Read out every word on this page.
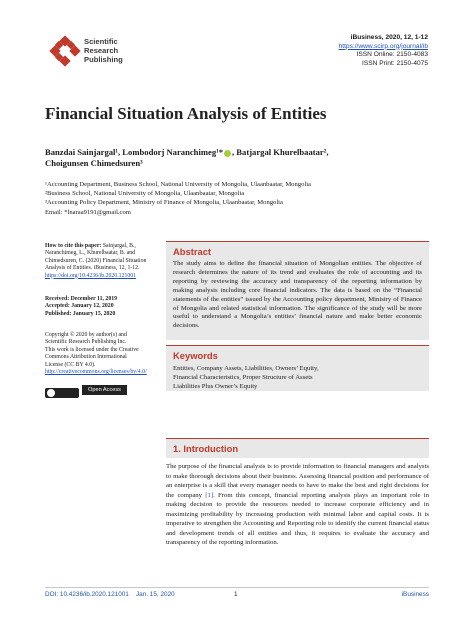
Scientific
Research
Publishing
iBusiness, 2020, 12, 1-12
https://www.scirp.org/journal/ib
ISSN Online: 2150-4083
ISSN Print: 2150-4075
Financial Situation Analysis of Entities
Banzdai Sainjargal¹, Lombodorj Naranchimeg¹* , Batjargal Khurelbaatar²,
Choigunsen Chimedsuren³
¹Accounting Department, Business School, National University of Mongolia, Ulaanbaatar, Mongolia
²Business School, National University of Mongolia, Ulaanbaatar, Mongolia
³Accounting Policy Department, Ministry of Finance of Mongolia, Ulaanbaatar, Mongolia
Email: *lnaraa9191@gmail.com
How to cite this paper: Sainjargal, B., Naranchimeg, L., Khurelbaatar, B. and Chimedsuren, C. (2020) Financial Situation Analysis of Entities. iBusiness, 12, 1-12.
https://doi.org/10.4236/ib.2020.121001
Received: December 11, 2019
Accepted: January 12, 2020
Published: January 15, 2020
Copyright © 2020 by author(s) and
Scientific Research Publishing Inc.
This work is licensed under the Creative
Commons Attribution International
License (CC BY 4.0).
http://creativecommons.org/licenses/by/4.0/
Open Access
Abstract
The study aims to define the financial situation of Mongolian entities. The objective of research determines the nature of its trend and evaluates the role of accounting and its reporting by reviewing the accuracy and transparency of the reporting information by making analysis including core financial indicators. The data is based on the “Financial statements of the entities” issued by the Accounting policy department, Ministry of Finance of Mongolia and related statistical information. The significance of the study will be more useful to understand a Mongolia’s entities’ financial nature and make better economic decisions.
Keywords
Entities, Company Assets, Liabilities, Owners’ Equity,
Financial Characteristics, Proper Structure of Assets
Liabilities Plus Owner’s Equity
1. Introduction
The purpose of the financial analysis is to provide information to financial managers and analysts to make thorough decisions about their business. Assessing financial position and performance of an enterprise is a skill that every manager needs to have to make the best and right decisions for the company [1]. From this concept, financial reporting analysis plays an important role in making decision to provide the resources needed to increase corporate efficiency and in maximizing profitability by increasing production with minimal labor and capital costs. It is imperative to strengthen the Accounting and Reporting role to identify the current financial status and development trends of all entities and thus, it requires to evaluate the accuracy and transparency of the reporting information.
DOI: 10.4236/ib.2020.121001    Jan. 15, 2020	1	iBusiness
